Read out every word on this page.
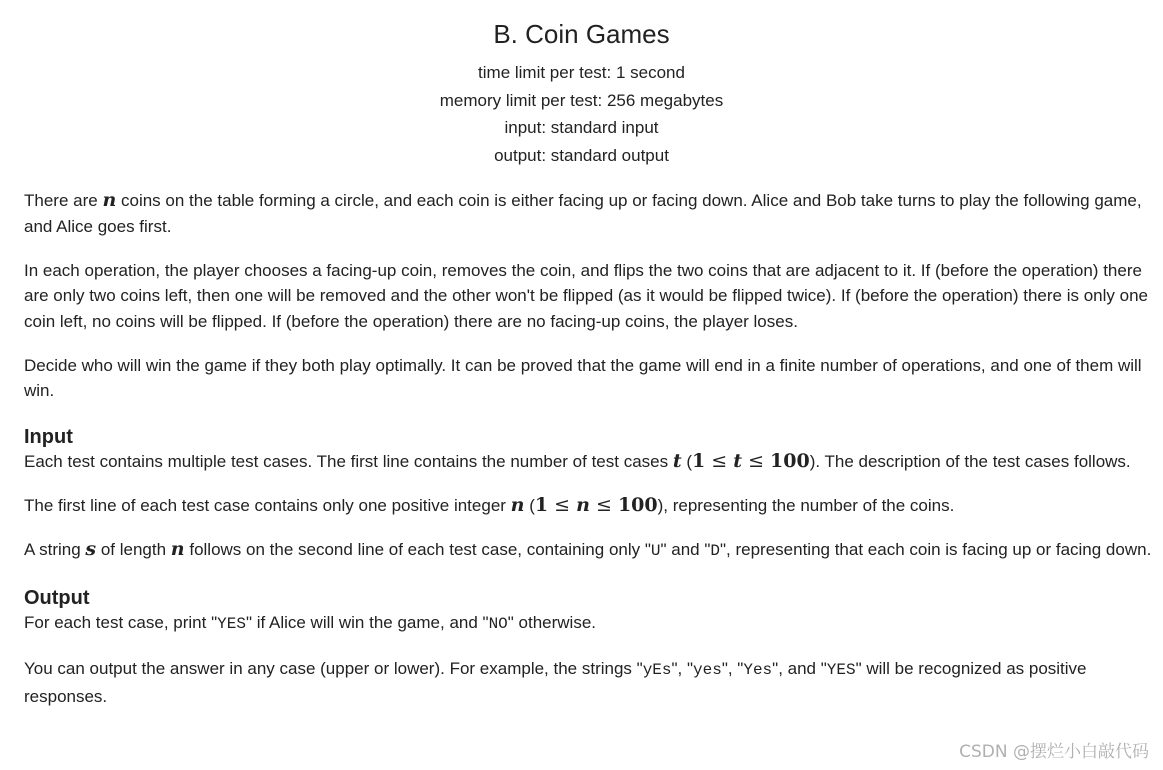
B. Coin Games
time limit per test: 1 second
memory limit per test: 256 megabytes
input: standard input
output: standard output

There are n coins on the table forming a circle, and each coin is either facing up or facing down. Alice and Bob take turns to play the following game, and Alice goes first.

In each operation, the player chooses a facing-up coin, removes the coin, and flips the two coins that are adjacent to it. If (before the operation) there are only two coins left, then one will be removed and the other won't be flipped (as it would be flipped twice). If (before the operation) there is only one coin left, no coins will be flipped. If (before the operation) there are no facing-up coins, the player loses.

Decide who will win the game if they both play optimally. It can be proved that the game will end in a finite number of operations, and one of them will win.

Input

Each test contains multiple test cases. The first line contains the number of test cases t (1 ≤ t ≤ 100). The description of the test cases follows.

The first line of each test case contains only one positive integer n (1 ≤ n ≤ 100), representing the number of the coins.

A string s of length n follows on the second line of each test case, containing only "U" and "D", representing that each coin is facing up or facing down.

Output

For each test case, print "YES" if Alice will win the game, and "NO" otherwise.

You can output the answer in any case (upper or lower). For example, the strings "yEs", "yes", "Yes", and "YES" will be recognized as positive responses.

CSDN @摆烂小白敲代码
